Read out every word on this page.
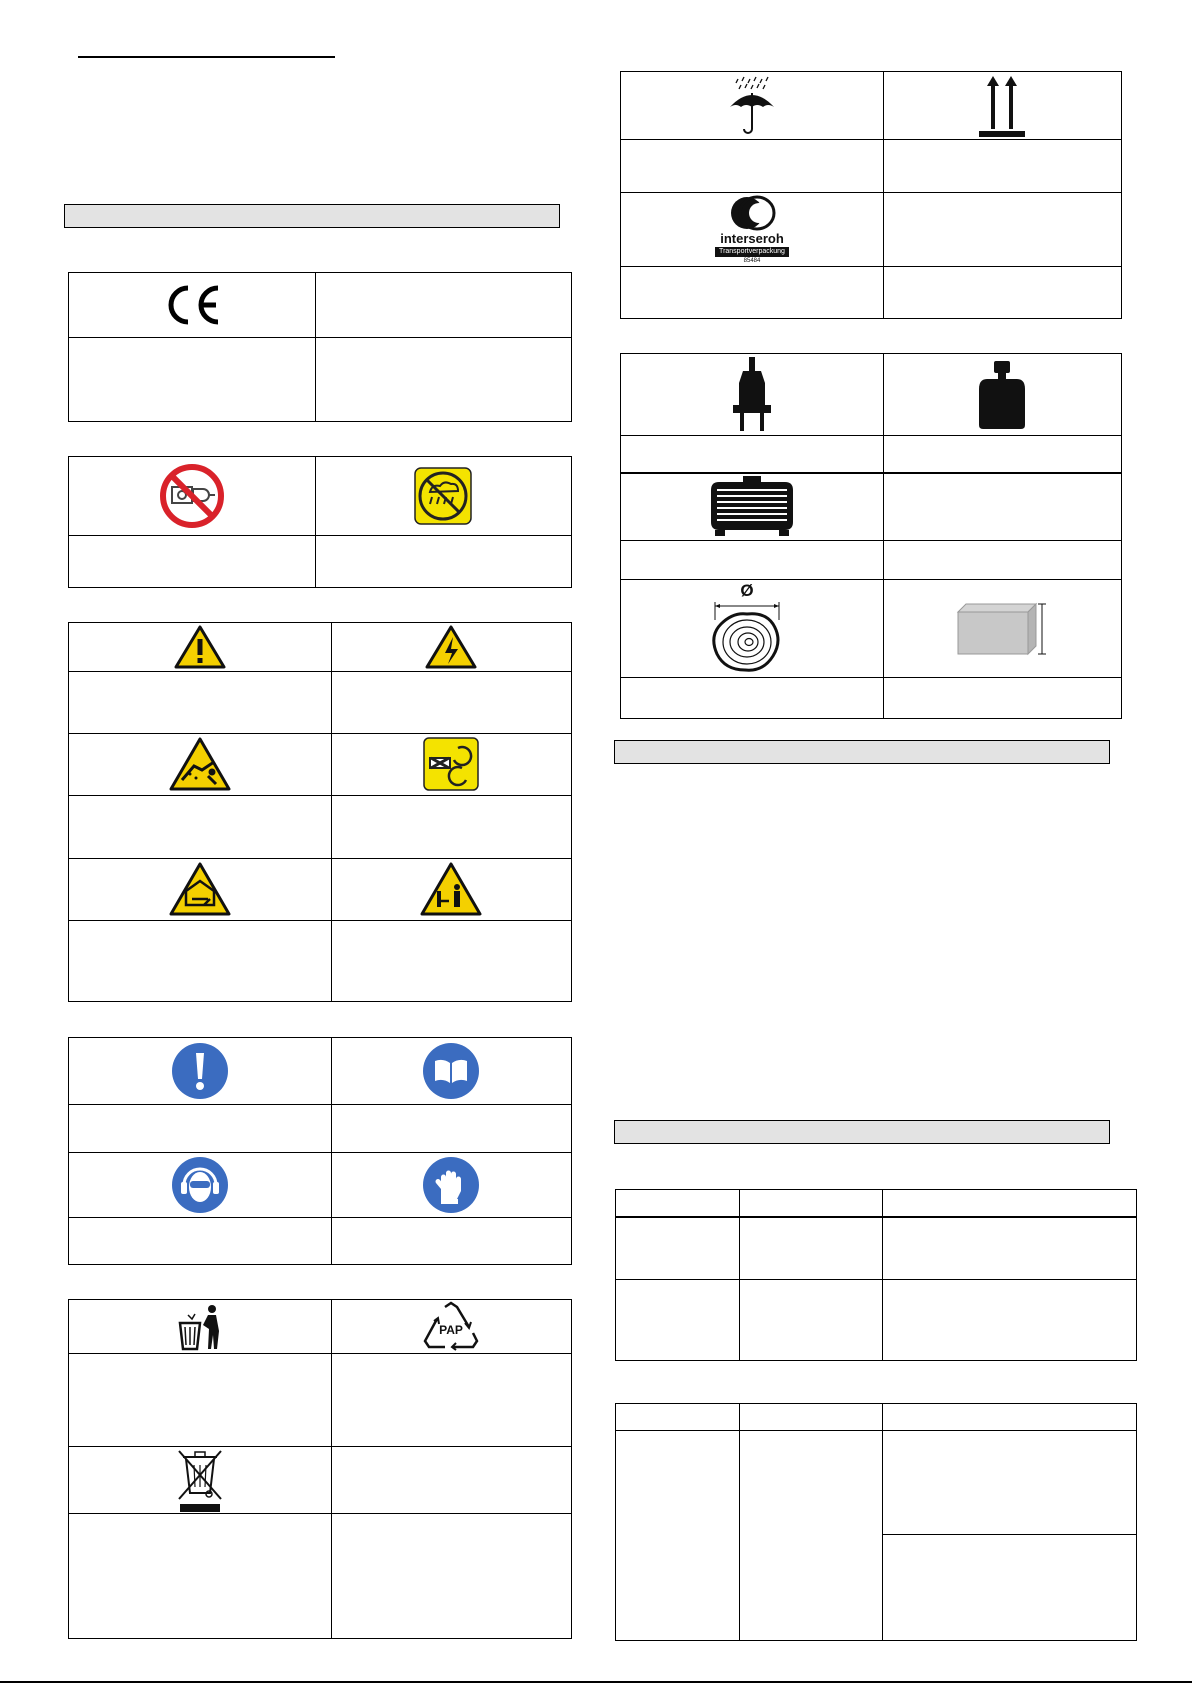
PAP
interseroh
Transportverpackung
85484
Ø
